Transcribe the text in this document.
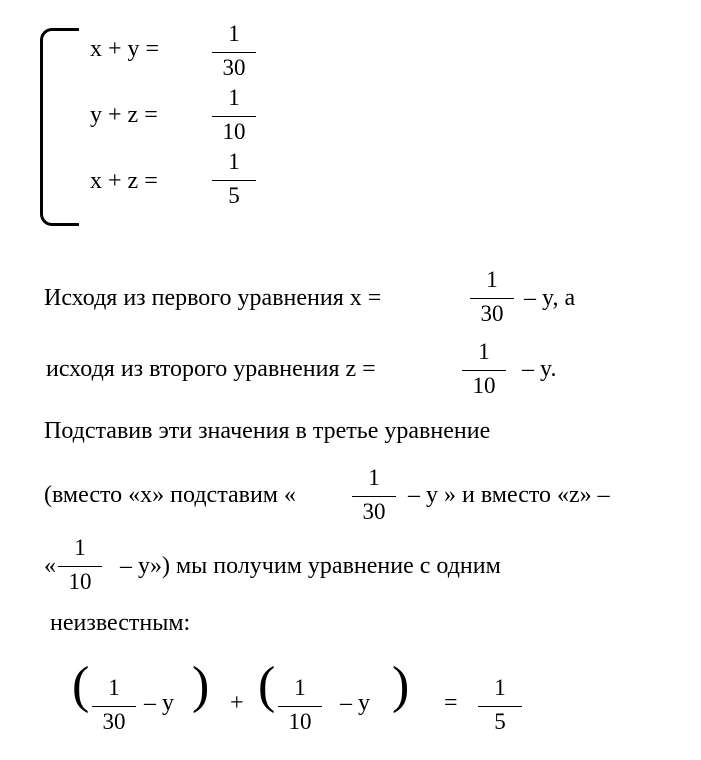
x + y =
1
30
y + z =
1
10
x + z =
1
5
Исходя из первого уравнения x =
1
30
– y, а
исходя из второго уравнения z =
1
10
– y.
Подставив эти значения в третье уравнение
(вместо «x» подставим «
1
30
– y » и вместо «z» –
«
1
10
– y») мы получим уравнение с одним
неизвестным:
( 1
30
– y ) + ( 1
10
– y ) =
1
5
